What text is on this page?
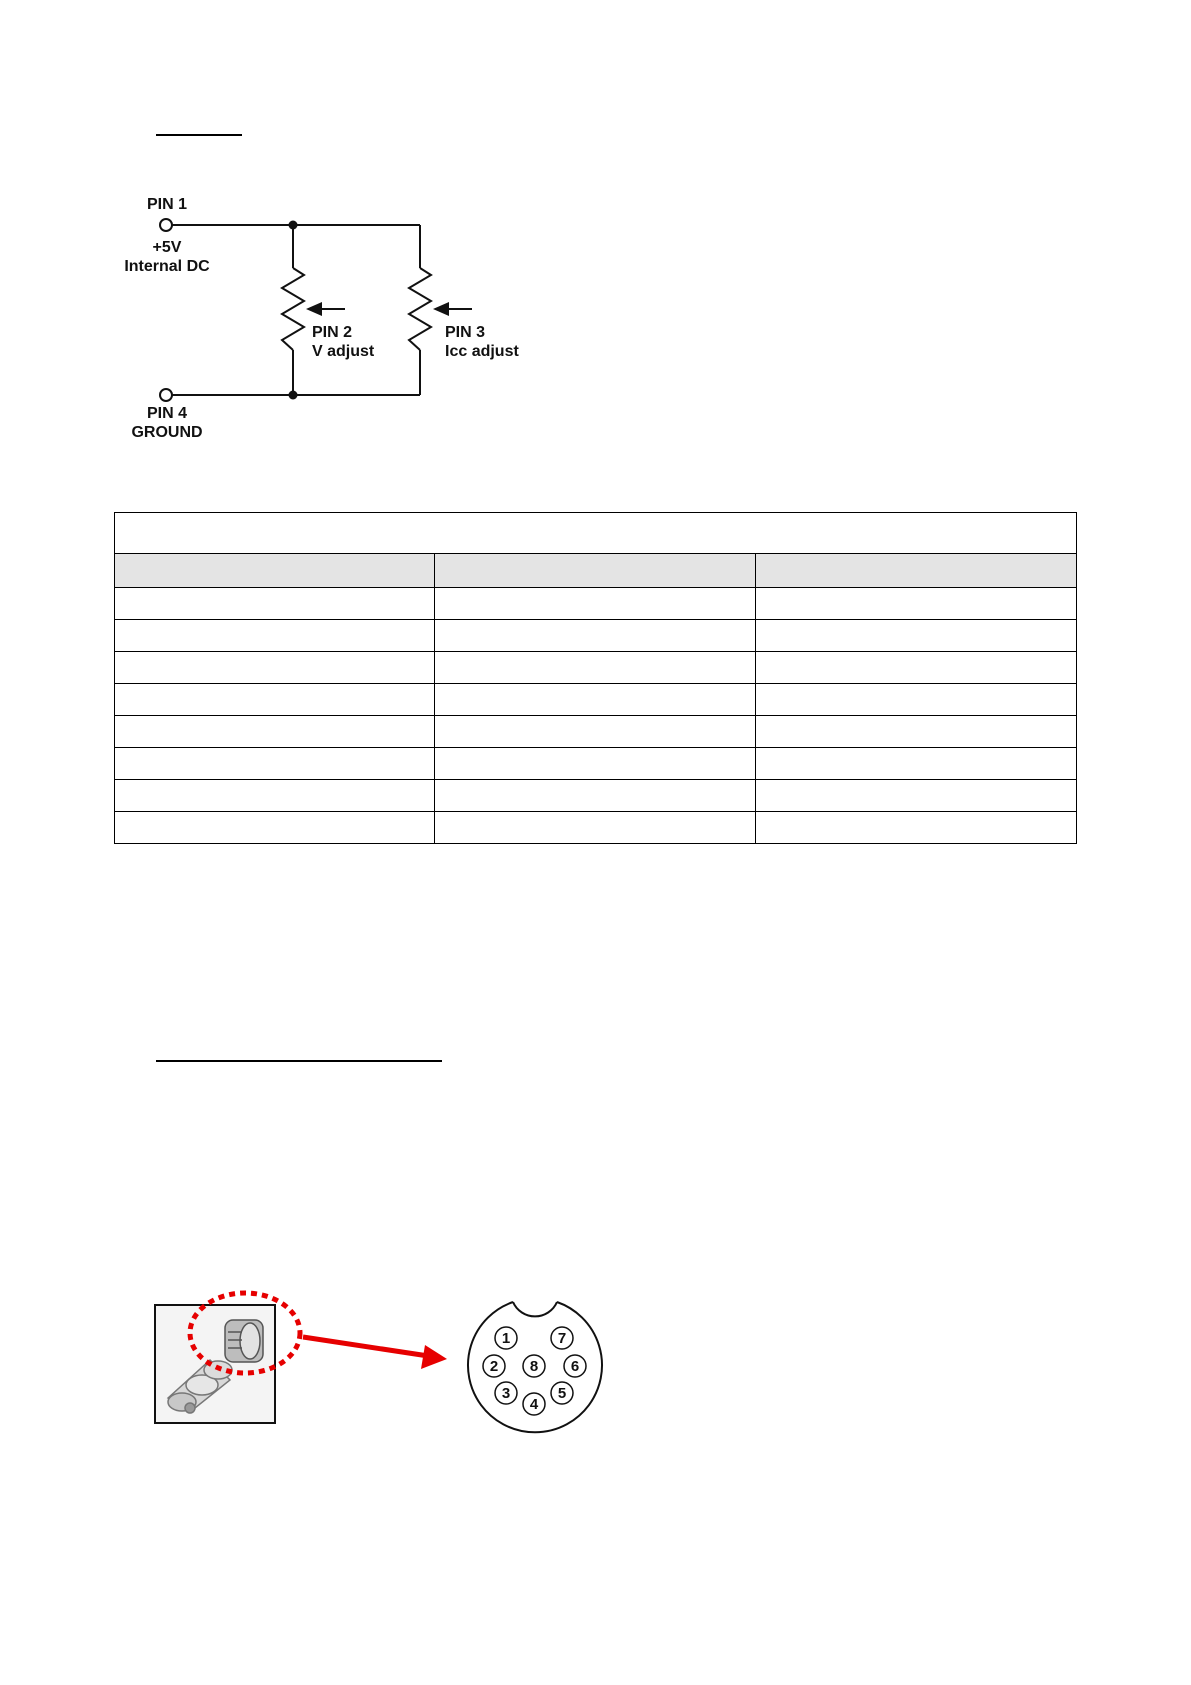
PIN 1
+5V
Internal DC
PIN 2
V adjust
PIN 3
Icc adjust
PIN 4
GROUND

1
2
3
4
5
6
7
8
